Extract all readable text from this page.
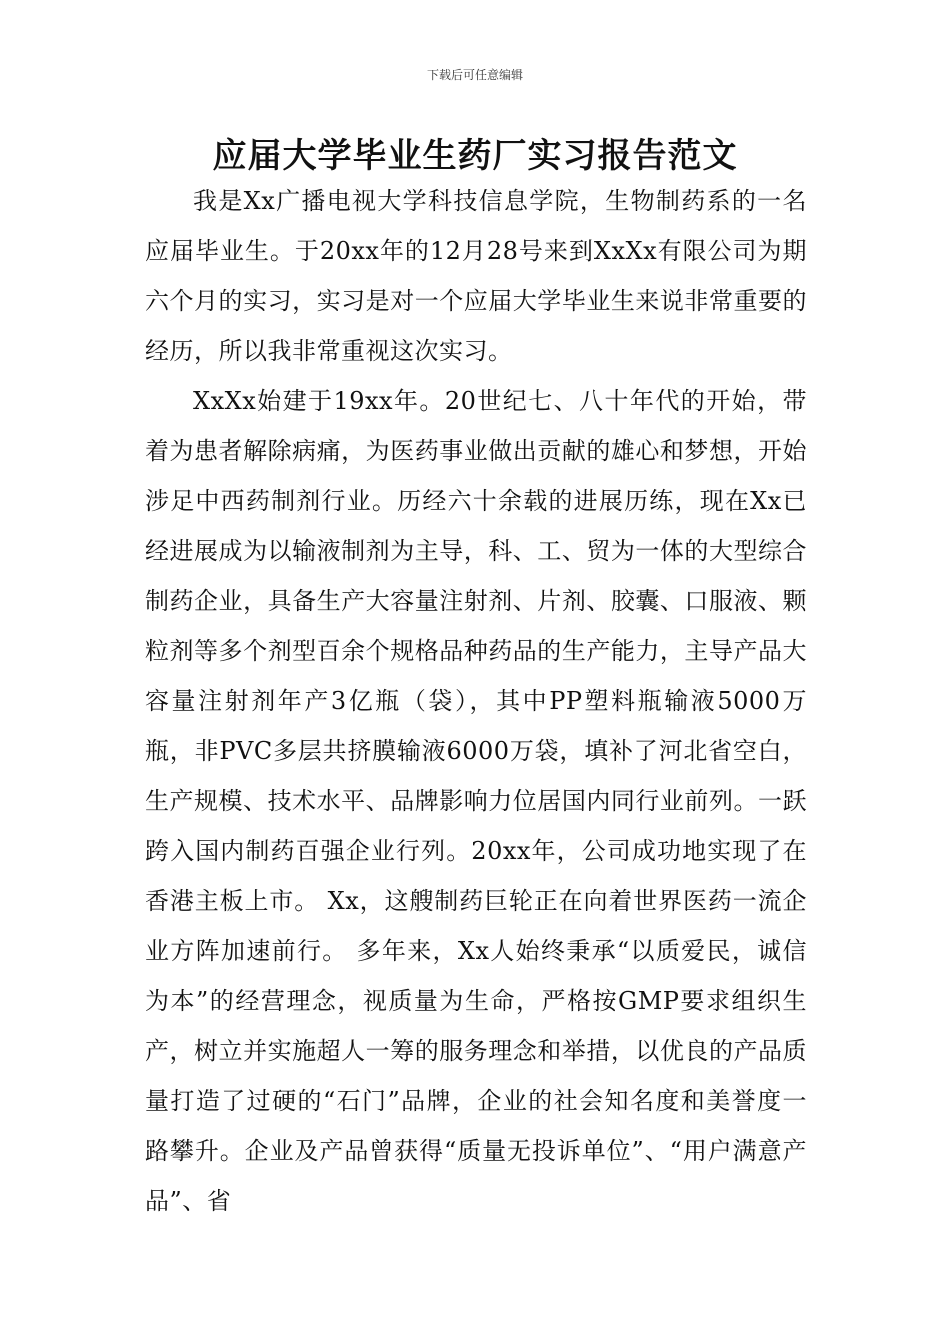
下载后可任意编辑
应届大学毕业生药厂实习报告范文

我是Xx广播电视大学科技信息学院，生物制药系的一名应届毕业生。于20xx年的12月28号来到XxXx有限公司为期六个月的实习，实习是对一个应届大学毕业生来说非常重要的经历，所以我非常重视这次实习。

XxXx始建于19xx年。20世纪七、八十年代的开始，带着为患者解除病痛，为医药事业做出贡献的雄心和梦想，开始涉足中西药制剂行业。历经六十余载的进展历练，现在Xx已经进展成为以输液制剂为主导，科、工、贸为一体的大型综合制药企业，具备生产大容量注射剂、片剂、胶囊、口服液、颗粒剂等多个剂型百余个规格品种药品的生产能力，主导产品大容量注射剂年产3亿瓶（袋），其中PP塑料瓶输液5000万瓶，非PVC多层共挤膜输液6000万袋，填补了河北省空白，生产规模、技术水平、品牌影响力位居国内同行业前列。一跃跨入国内制药百强企业行列。20xx年，公司成功地实现了在香港主板上市。 Xx，这艘制药巨轮正在向着世界医药一流企业方阵加速前行。 多年来，Xx人始终秉承“以质爱民，诚信为本”的经营理念，视质量为生命，严格按GMP要求组织生产，树立并实施超人一筹的服务理念和举措，以优良的产品质量打造了过硬的“石门”品牌，企业的社会知名度和美誉度一路攀升。企业及产品曾获得“质量无投诉单位”、“用户满意产品”、省
